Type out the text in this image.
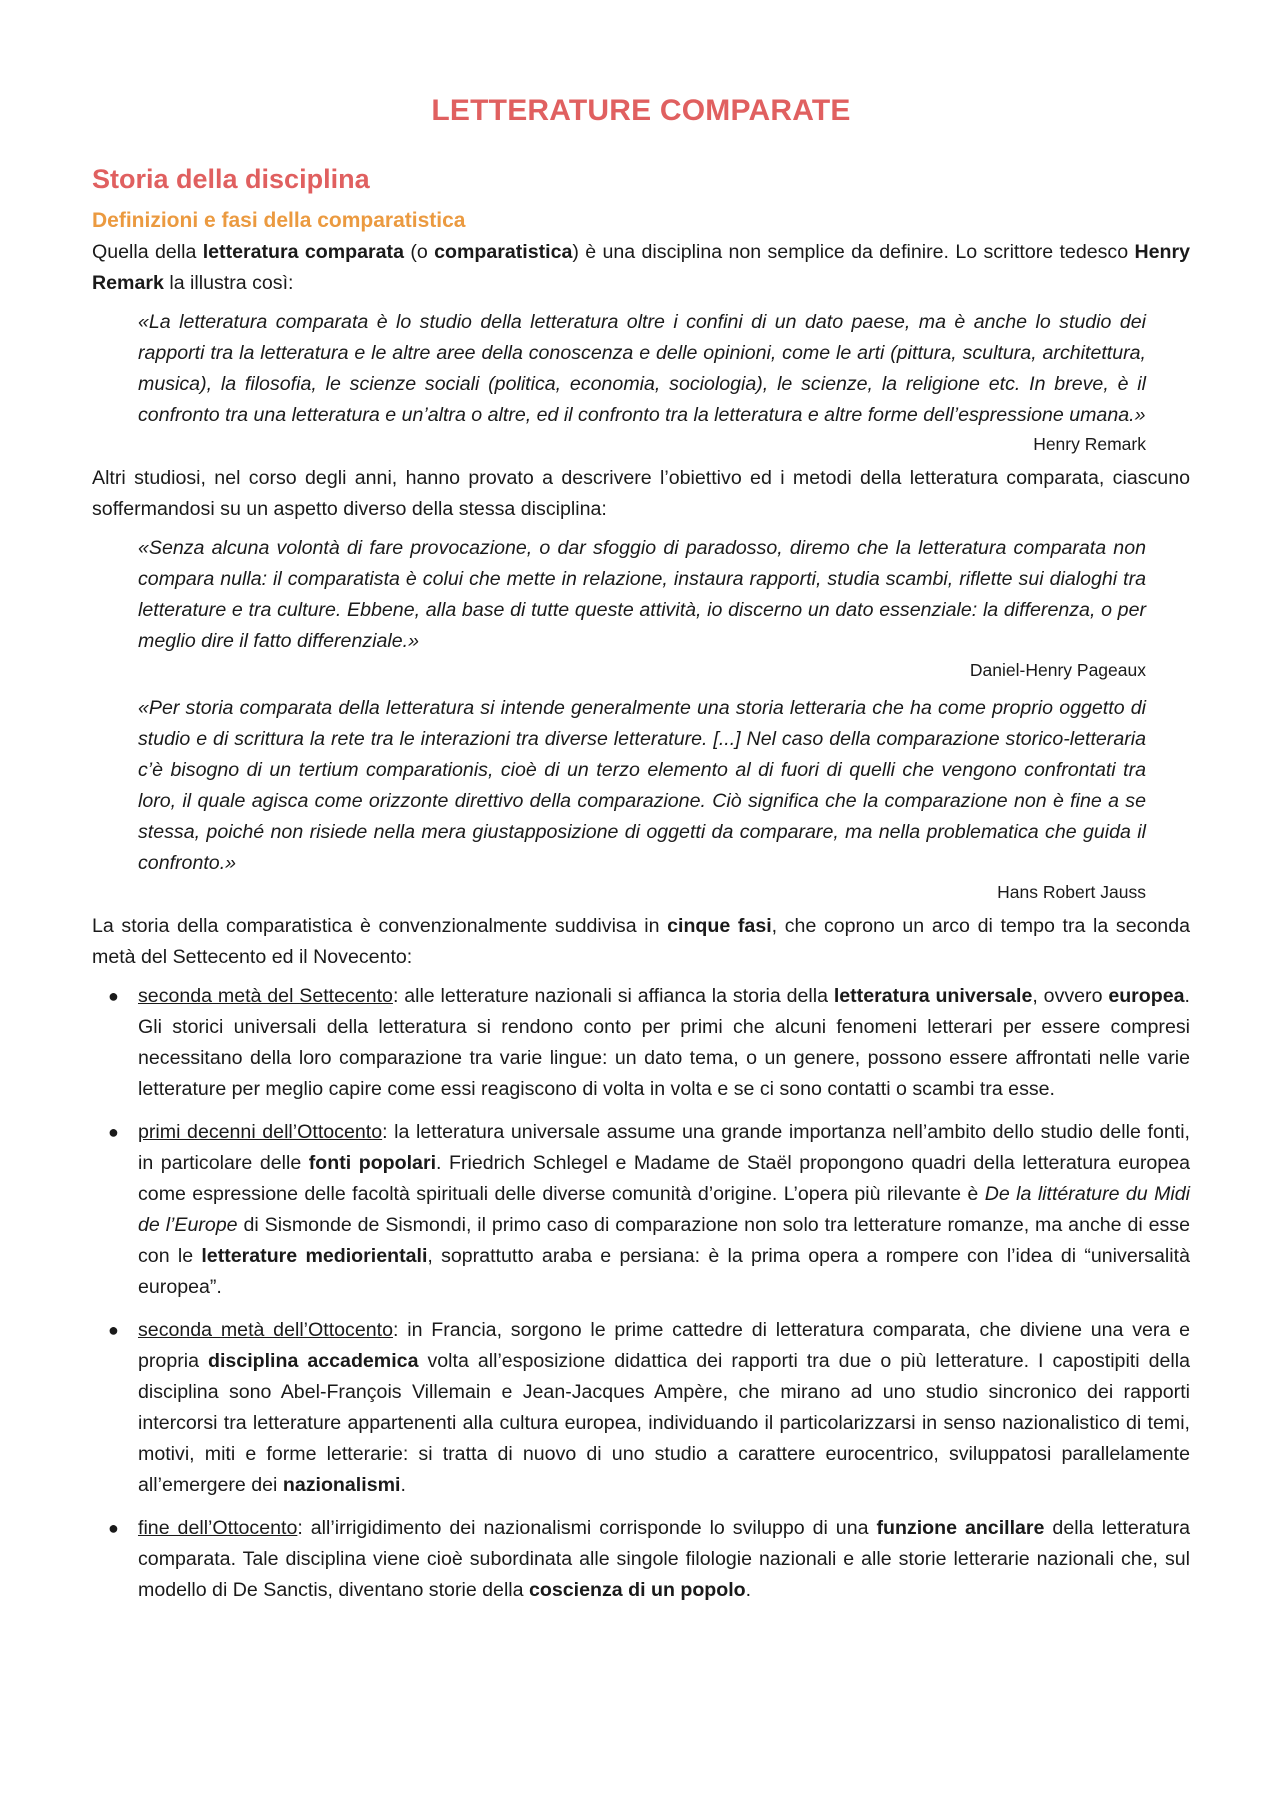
LETTERATURE COMPARATE
Storia della disciplina
Definizioni e fasi della comparatistica

Quella della letteratura comparata (o comparatistica) è una disciplina non semplice da definire. Lo scrittore tedesco Henry Remark la illustra così:

«La letteratura comparata è lo studio della letteratura oltre i confini di un dato paese, ma è anche lo studio dei rapporti tra la letteratura e le altre aree della conoscenza e delle opinioni, come le arti (pittura, scultura, architettura, musica), la filosofia, le scienze sociali (politica, economia, sociologia), le scienze, la religione etc. In breve, è il confronto tra una letteratura e un’altra o altre, ed il confronto tra la letteratura e altre forme dell’espressione umana.»
Henry Remark

Altri studiosi, nel corso degli anni, hanno provato a descrivere l’obiettivo ed i metodi della letteratura comparata, ciascuno soffermandosi su un aspetto diverso della stessa disciplina:

«Senza alcuna volontà di fare provocazione, o dar sfoggio di paradosso, diremo che la letteratura comparata non compara nulla: il comparatista è colui che mette in relazione, instaura rapporti, studia scambi, riflette sui dialoghi tra letterature e tra culture. Ebbene, alla base di tutte queste attività, io discerno un dato essenziale: la differenza, o per meglio dire il fatto differenziale.»
Daniel-Henry Pageaux
«Per storia comparata della letteratura si intende generalmente una storia letteraria che ha come proprio oggetto di studio e di scrittura la rete tra le interazioni tra diverse letterature. [...] Nel caso della comparazione storico-letteraria c’è bisogno di un tertium comparationis, cioè di un terzo elemento al di fuori di quelli che vengono confrontati tra loro, il quale agisca come orizzonte direttivo della comparazione. Ciò significa che la comparazione non è fine a se stessa, poiché non risiede nella mera giustapposizione di oggetti da comparare, ma nella problematica che guida il confronto.»
Hans Robert Jauss

La storia della comparatistica è convenzionalmente suddivisa in cinque fasi, che coprono un arco di tempo tra la seconda metà del Settecento ed il Novecento:

● seconda metà del Settecento: alle letterature nazionali si affianca la storia della letteratura universale, ovvero europea. Gli storici universali della letteratura si rendono conto per primi che alcuni fenomeni letterari per essere compresi necessitano della loro comparazione tra varie lingue: un dato tema, o un genere, possono essere affrontati nelle varie letterature per meglio capire come essi reagiscono di volta in volta e se ci sono contatti o scambi tra esse.
● primi decenni dell’Ottocento: la letteratura universale assume una grande importanza nell’ambito dello studio delle fonti, in particolare delle fonti popolari. Friedrich Schlegel e Madame de Staël propongono quadri della letteratura europea come espressione delle facoltà spirituali delle diverse comunità d’origine. L’opera più rilevante è De la littérature du Midi de l’Europe di Sismonde de Sismondi, il primo caso di comparazione non solo tra letterature romanze, ma anche di esse con le letterature mediorientali, soprattutto araba e persiana: è la prima opera a rompere con l’idea di “universalità europea”.
● seconda metà dell’Ottocento: in Francia, sorgono le prime cattedre di letteratura comparata, che diviene una vera e propria disciplina accademica volta all’esposizione didattica dei rapporti tra due o più letterature. I capostipiti della disciplina sono Abel-François Villemain e Jean-Jacques Ampère, che mirano ad uno studio sincronico dei rapporti intercorsi tra letterature appartenenti alla cultura europea, individuando il particolarizzarsi in senso nazionalistico di temi, motivi, miti e forme letterarie: si tratta di nuovo di uno studio a carattere eurocentrico, sviluppatosi parallelamente all’emergere dei nazionalismi.
● fine dell’Ottocento: all’irrigidimento dei nazionalismi corrisponde lo sviluppo di una funzione ancillare della letteratura comparata. Tale disciplina viene cioè subordinata alle singole filologie nazionali e alle storie letterarie nazionali che, sul modello di De Sanctis, diventano storie della coscienza di un popolo.
